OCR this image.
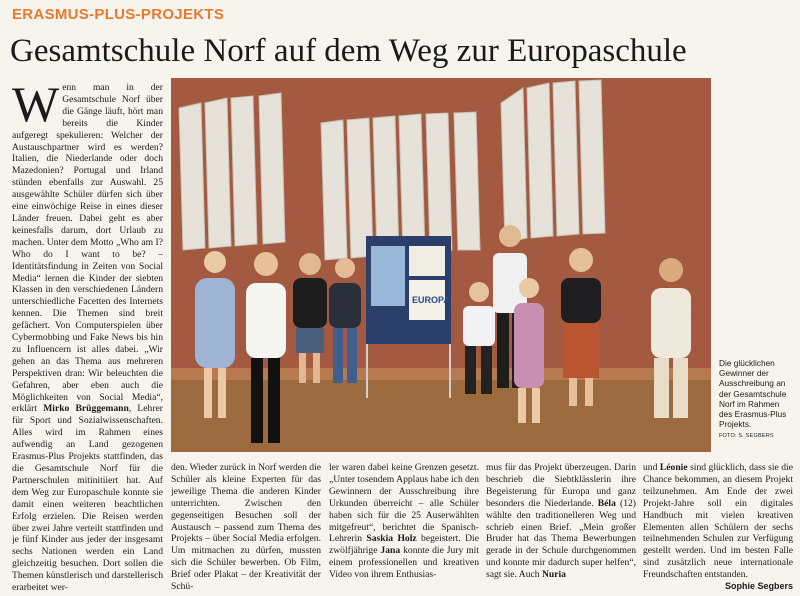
ERASMUS-PLUS-PROJEKTS
Gesamtschule Norf auf dem Weg zur Europaschule
Wenn man in der Gesamtschule Norf über die Gänge läuft, hört man bereits die Kinder aufgeregt spekulieren: Welcher der Austauschpartner wird es werden? Italien, die Niederlande oder doch Mazedonien? Portugal und Irland stünden ebenfalls zur Auswahl. 25 ausgewählte Schüler dürfen sich über eine einwöchige Reise in eines dieser Länder freuen. Dabei geht es aber keinesfalls darum, dort Urlaub zu machen. Unter dem Motto „Who am I? Who do I want to be? – Identitätsfindung in Zeiten von Social Media“ lernen die Kinder der siebten Klassen in den verschiedenen Ländern unterschiedliche Facetten des Internets kennen. Die Themen sind breit gefächert. Von Computerspielen über Cybermobbing und Fake News bis hin zu Influencern ist alles dabei. „Wir gehen an das Thema aus mehreren Perspektiven dran: Wir beleuchten die Gefahren, aber eben auch die Möglichkeiten von Social Media“, erklärt Mirko Brüggemann, Lehrer für Sport und Sozialwissenschaften. Alles wird im Rahmen eines aufwendig an Land gezogenen Erasmus-Plus Projekts stattfinden, das die Gesamtschule Norf für die Partnerschulen mitinitiiert hat. Auf dem Weg zur Europaschule konnte sie damit einen weiteren beachtlichen Erfolg erzielen. Die Reisen werden über zwei Jahre verteilt stattfinden und je fünf Kinder aus jeder der insgesamt sechs Nationen werden ein Land gleichzeitig besuchen. Dort sollen die Themen künstlerisch und darstellerisch erarbeitet wer-
EUROPA
Die glücklichen Gewinner der Ausschreibung an der Gesamtschule Norf im Rahmen des Erasmus-Plus Projekts.
FOTO: S. SEGBERS
den. Wieder zurück in Norf werden die Schüler als kleine Experten für das jeweilige Thema die anderen Kinder unterrichten. Zwischen den gegenseitigen Besuchen soll der Austausch – passend zum Thema des Projekts – über Social Media erfolgen. Um mitmachen zu dürfen, mussten sich die Schüler bewerben. Ob Film, Brief oder Plakat – der Kreativität der Schü-
ler waren dabei keine Grenzen gesetzt. „Unter tosendem Applaus habe ich den Gewinnern der Ausschreibung ihre Urkunden überreicht – alle Schüler haben sich für die 25 Auserwählten mitgefreut“, berichtet die Spanisch-Lehrerin Saskia Holz begeistert. Die zwölfjährige Jana konnte die Jury mit einem professionellen und kreativen Video von ihrem Enthusias-
mus für das Projekt überzeugen. Darin beschrieb die Siebtklässlerin ihre Begeisterung für Europa und ganz besonders die Niederlande. Béla (12) wählte den traditionelleren Weg und schrieb einen Brief. „Mein großer Bruder hat das Thema Bewerbungen gerade in der Schule durchgenommen und konnte mir dadurch super helfen“, sagt sie. Auch Nuria
und Léonie sind glücklich, dass sie die Chance bekommen, an diesem Projekt teilzunehmen. Am Ende der zwei Projekt-Jahre soll ein digitales Handbuch mit vielen kreativen Elementen allen Schülern der sechs teilnehmenden Schulen zur Verfügung gestellt werden. Und im besten Falle sind zusätzlich neue internationale Freundschaften entstanden.
Sophie Segbers
